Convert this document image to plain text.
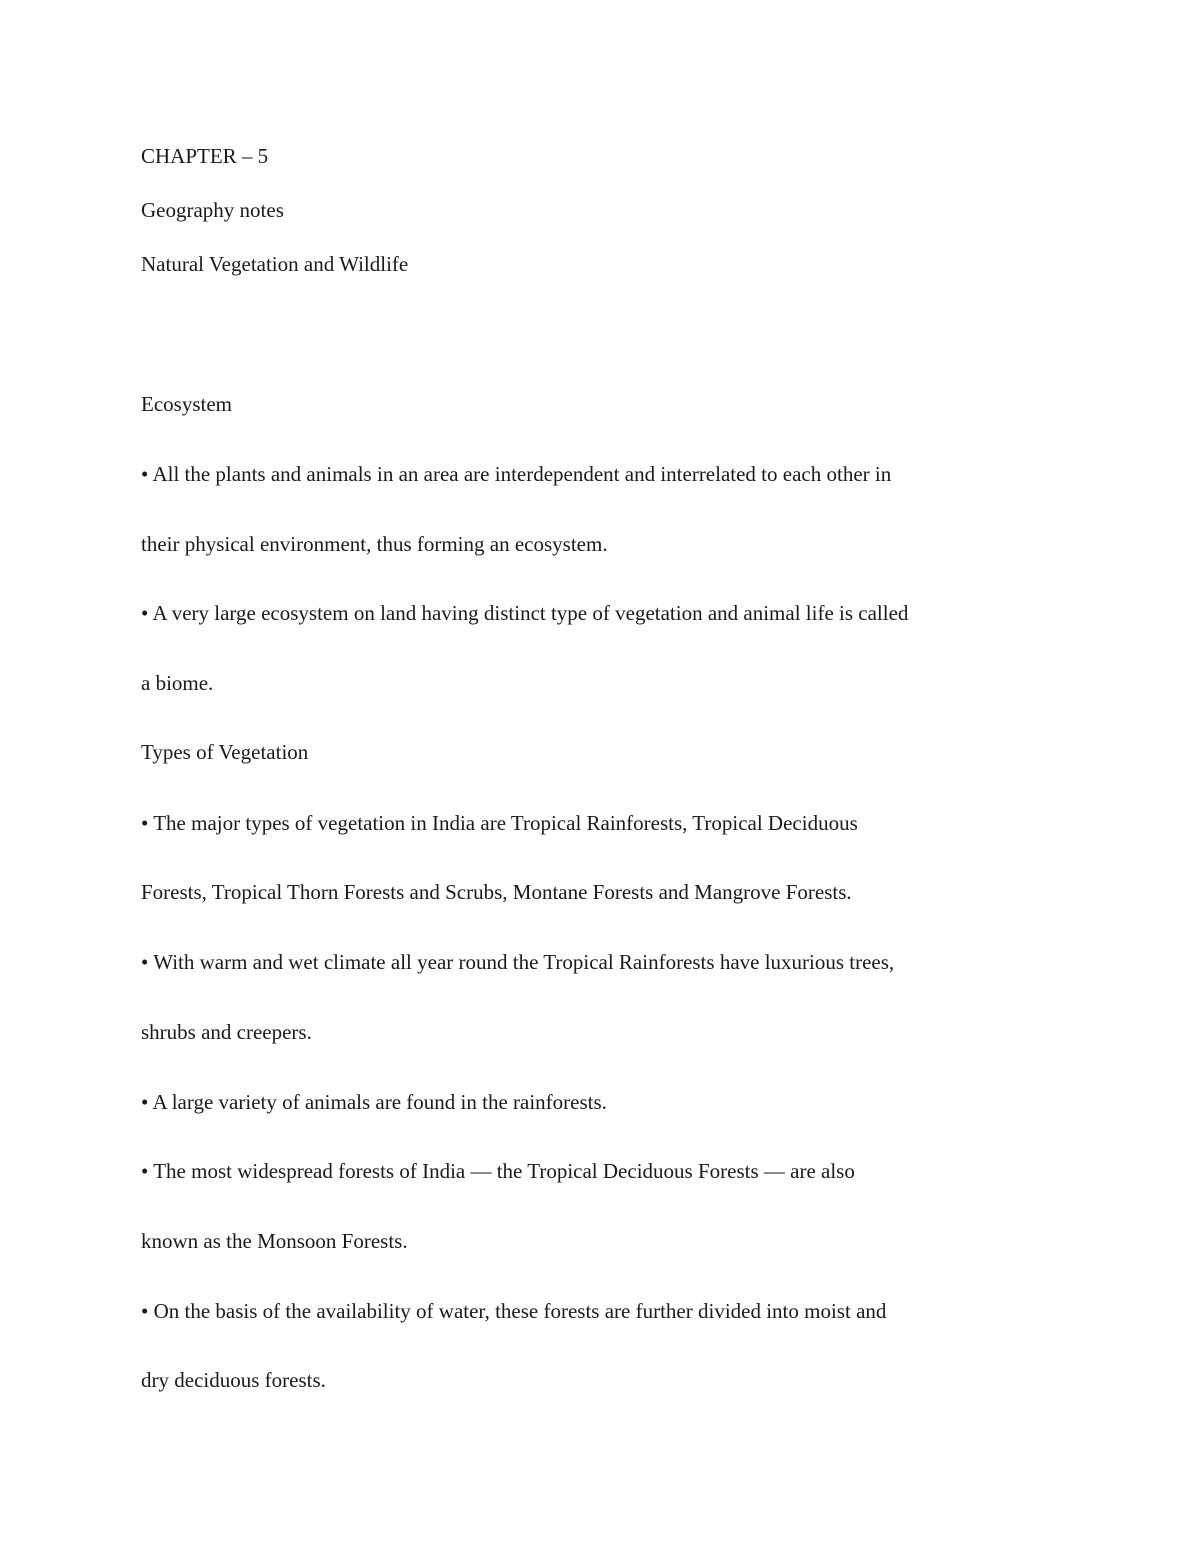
CHAPTER – 5
Geography notes
Natural Vegetation and Wildlife
Ecosystem
• All the plants and animals in an area are interdependent and interrelated to each other in
their physical environment, thus forming an ecosystem.
• A very large ecosystem on land having distinct type of vegetation and animal life is called
a biome.
Types of Vegetation
• The major types of vegetation in India are Tropical Rainforests, Tropical Deciduous
Forests, Tropical Thorn Forests and Scrubs, Montane Forests and Mangrove Forests.
• With warm and wet climate all year round the Tropical Rainforests have luxurious trees,
shrubs and creepers.
• A large variety of animals are found in the rainforests.
• The most widespread forests of India — the Tropical Deciduous Forests — are also
known as the Monsoon Forests.
• On the basis of the availability of water, these forests are further divided into moist and
dry deciduous forests.
